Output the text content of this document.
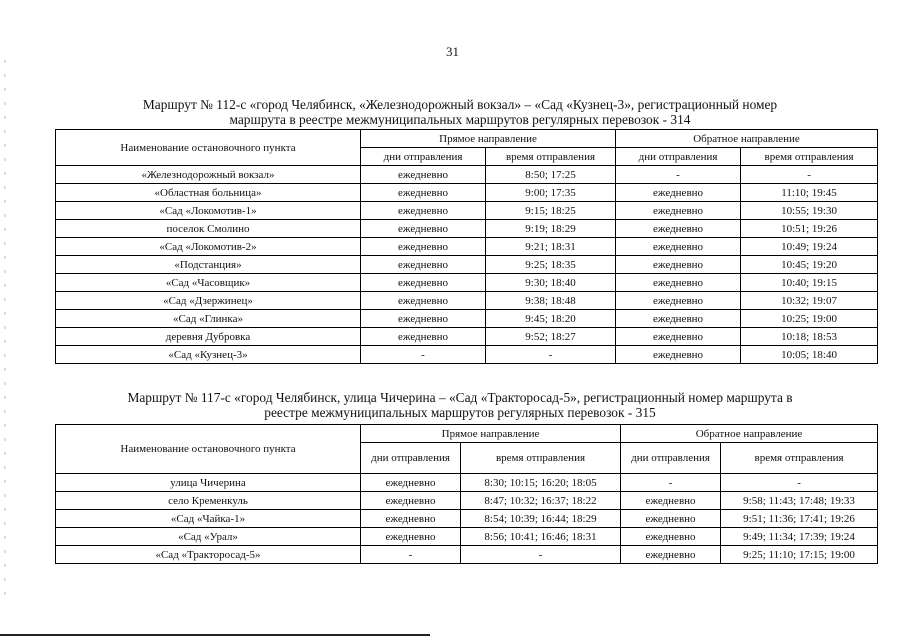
31
Маршрут № 112-с «город Челябинск, «Железнодорожный вокзал» – «Сад «Кузнец-3», регистрационный номер
маршрута в реестре межмуниципальных маршрутов регулярных перевозок - 314
Наименование остановочного пункта	Прямое направление		Обратное направление	
	дни отправления	время отправления	дни отправления	время отправления
«Железнодорожный вокзал»	ежедневно	8:50; 17:25	-	-
«Областная больница»	ежедневно	9:00; 17:35	ежедневно	11:10; 19:45
«Сад «Локомотив-1»	ежедневно	9:15; 18:25	ежедневно	10:55; 19:30
поселок Смолино	ежедневно	9:19; 18:29	ежедневно	10:51; 19:26
«Сад «Локомотив-2»	ежедневно	9:21; 18:31	ежедневно	10:49; 19:24
«Подстанция»	ежедневно	9:25; 18:35	ежедневно	10:45; 19:20
«Сад «Часовщик»	ежедневно	9:30; 18:40	ежедневно	10:40; 19:15
«Сад «Дзержинец»	ежедневно	9:38; 18:48	ежедневно	10:32; 19:07
«Сад «Глинка»	ежедневно	9:45; 18:20	ежедневно	10:25; 19:00
деревня Дубровка	ежедневно	9:52; 18:27	ежедневно	10:18; 18:53
«Сад «Кузнец-3»	-	-	ежедневно	10:05; 18:40
Маршрут № 117-с «город Челябинск, улица Чичерина – «Сад «Тракторосад-5», регистрационный номер маршрута в
реестре межмуниципальных маршрутов регулярных перевозок - 315
Наименование остановочного пункта	Прямое направление		Обратное направление	
	дни отправления	время отправления	дни отправления	время отправления
улица Чичерина	ежедневно	8:30; 10:15; 16:20; 18:05	-	-
село Кременкуль	ежедневно	8:47; 10:32; 16:37; 18:22	ежедневно	9:58; 11:43; 17:48; 19:33
«Сад «Чайка-1»	ежедневно	8:54; 10:39; 16:44; 18:29	ежедневно	9:51; 11:36; 17:41; 19:26
«Сад «Урал»	ежедневно	8:56; 10:41; 16:46; 18:31	ежедневно	9:49; 11:34; 17:39; 19:24
«Сад «Тракторосад-5»	-	-	ежедневно	9:25; 11:10; 17:15; 19:00
